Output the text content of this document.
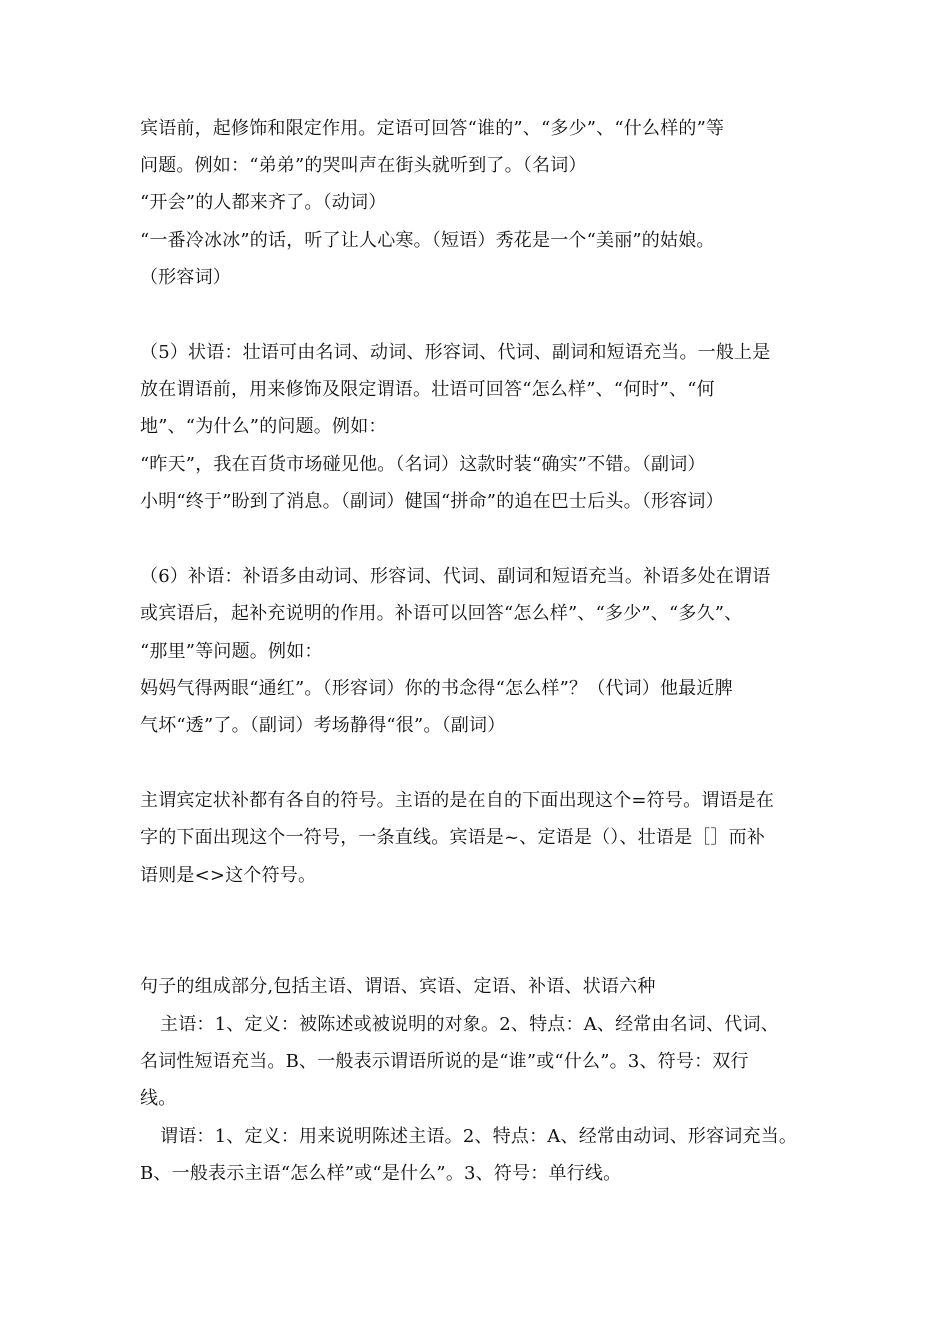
宾语前，起修饰和限定作用。定语可回答“谁的”、“多少”、“什么样的”等
问题。例如：“弟弟”的哭叫声在街头就听到了。（名词）
“开会”的人都来齐了。（动词）
“一番冷冰冰”的话，听了让人心寒。（短语）秀花是一个“美丽”的姑娘。
（形容词）
（5）状语：壮语可由名词、动词、形容词、代词、副词和短语充当。一般上是
放在谓语前，用来修饰及限定谓语。壮语可回答“怎么样”、“何时”、“何
地”、“为什么”的问题。例如：
“昨天”，我在百货市场碰见他。（名词）这款时装“确实”不错。（副词）
小明“终于”盼到了消息。（副词）健国“拼命”的追在巴士后头。（形容词）
（6）补语：补语多由动词、形容词、代词、副词和短语充当。补语多处在谓语
或宾语后，起补充说明的作用。补语可以回答“怎么样”、“多少”、“多久”、
“那里”等问题。例如：
妈妈气得两眼“通红”。（形容词）你的书念得“怎么样”？（代词）他最近脾
气坏“透”了。（副词）考场静得“很”。（副词）
主谓宾定状补都有各自的符号。主语的是在自的下面出现这个=符号。谓语是在
字的下面出现这个一符号，一条直线。宾语是~、定语是（）、壮语是［］而补
语则是<>这个符号。
句子的组成部分,包括主语、谓语、宾语、定语、补语、状语六种
主语：1、定义：被陈述或被说明的对象。2、特点：A、经常由名词、代词、
名词性短语充当。B、一般表示谓语所说的是“谁”或“什么”。3、符号：双行
线。
谓语：1、定义：用来说明陈述主语。2、特点：A、经常由动词、形容词充当。
B、一般表示主语“怎么样”或“是什么”。3、符号：单行线。
